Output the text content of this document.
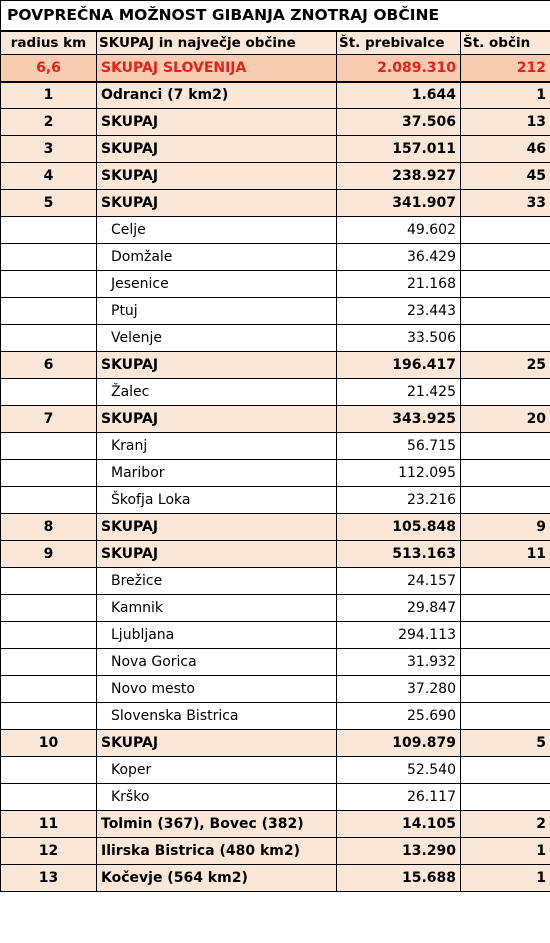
POVPREČNA MOŽNOST GIBANJA ZNOTRAJ OBČINE			
radius km	SKUPAJ in največje občine	Št. prebivalce	Št. občin
6,6	SKUPAJ SLOVENIJA	2.089.310	212
1	Odranci (7 km2)	1.644	1
2	SKUPAJ	37.506	13
3	SKUPAJ	157.011	46
4	SKUPAJ	238.927	45
5	SKUPAJ	341.907	33
	Celje	49.602	
	Domžale	36.429	
	Jesenice	21.168	
	Ptuj	23.443	
	Velenje	33.506	
6	SKUPAJ	196.417	25
	Žalec	21.425	
7	SKUPAJ	343.925	20
	Kranj	56.715	
	Maribor	112.095	
	Škofja Loka	23.216	
8	SKUPAJ	105.848	9
9	SKUPAJ	513.163	11
	Brežice	24.157	
	Kamnik	29.847	
	Ljubljana	294.113	
	Nova Gorica	31.932	
	Novo mesto	37.280	
	Slovenska Bistrica	25.690	
10	SKUPAJ	109.879	5
	Koper	52.540	
	Krško	26.117	
11	Tolmin (367), Bovec (382)	14.105	2
12	Ilirska Bistrica (480 km2)	13.290	1
13	Kočevje (564 km2)	15.688	1
